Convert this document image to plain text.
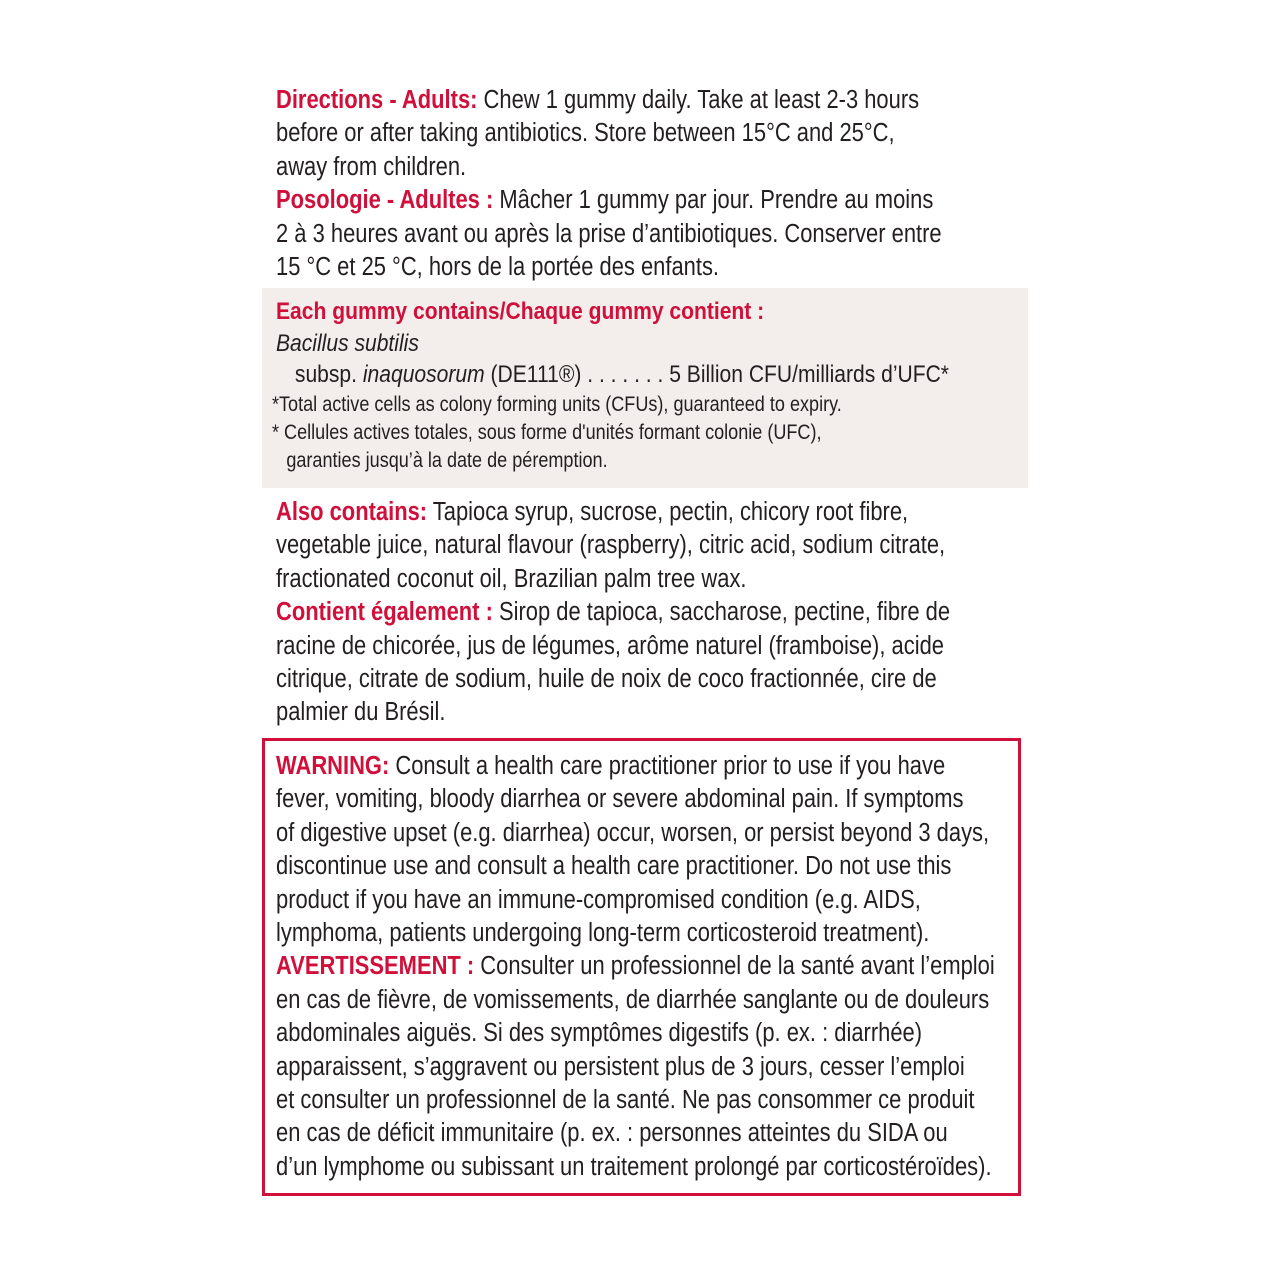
Directions - Adults: Chew 1 gummy daily. Take at least 2-3 hours

before or after taking antibiotics. Store between 15°C and 25°C,

away from children.

Posologie - Adultes : Mâcher 1 gummy par jour. Prendre au moins

2 à 3 heures avant ou après la prise d’antibiotiques. Conserver entre

15 °C et 25 °C, hors de la portée des enfants.

Each gummy contains/Chaque gummy contient :

Bacillus subtilis

subsp. inaquosorum (DE111®) . . . . . . . 5 Billion CFU/milliards d’UFC*

*Total active cells as colony forming units (CFUs), guaranteed to expiry.

* Cellules actives totales, sous forme d'unités formant colonie (UFC),

garanties jusqu’à la date de péremption.

Also contains: Tapioca syrup, sucrose, pectin, chicory root fibre,

vegetable juice, natural flavour (raspberry), citric acid, sodium citrate,

fractionated coconut oil, Brazilian palm tree wax.

Contient également : Sirop de tapioca, saccharose, pectine, fibre de

racine de chicorée, jus de légumes, arôme naturel (framboise), acide

citrique, citrate de sodium, huile de noix de coco fractionnée, cire de

palmier du Brésil.

WARNING: Consult a health care practitioner prior to use if you have

fever, vomiting, bloody diarrhea or severe abdominal pain. If symptoms

of digestive upset (e.g. diarrhea) occur, worsen, or persist beyond 3 days,

discontinue use and consult a health care practitioner. Do not use this

product if you have an immune-compromised condition (e.g. AIDS,

lymphoma, patients undergoing long-term corticosteroid treatment).

AVERTISSEMENT : Consulter un professionnel de la santé avant l’emploi

en cas de fièvre, de vomissements, de diarrhée sanglante ou de douleurs

abdominales aiguës. Si des symptômes digestifs (p. ex. : diarrhée)

apparaissent, s’aggravent ou persistent plus de 3 jours, cesser l’emploi

et consulter un professionnel de la santé. Ne pas consommer ce produit

en cas de déficit immunitaire (p. ex. : personnes atteintes du SIDA ou

d’un lymphome ou subissant un traitement prolongé par corticostéroïdes).
